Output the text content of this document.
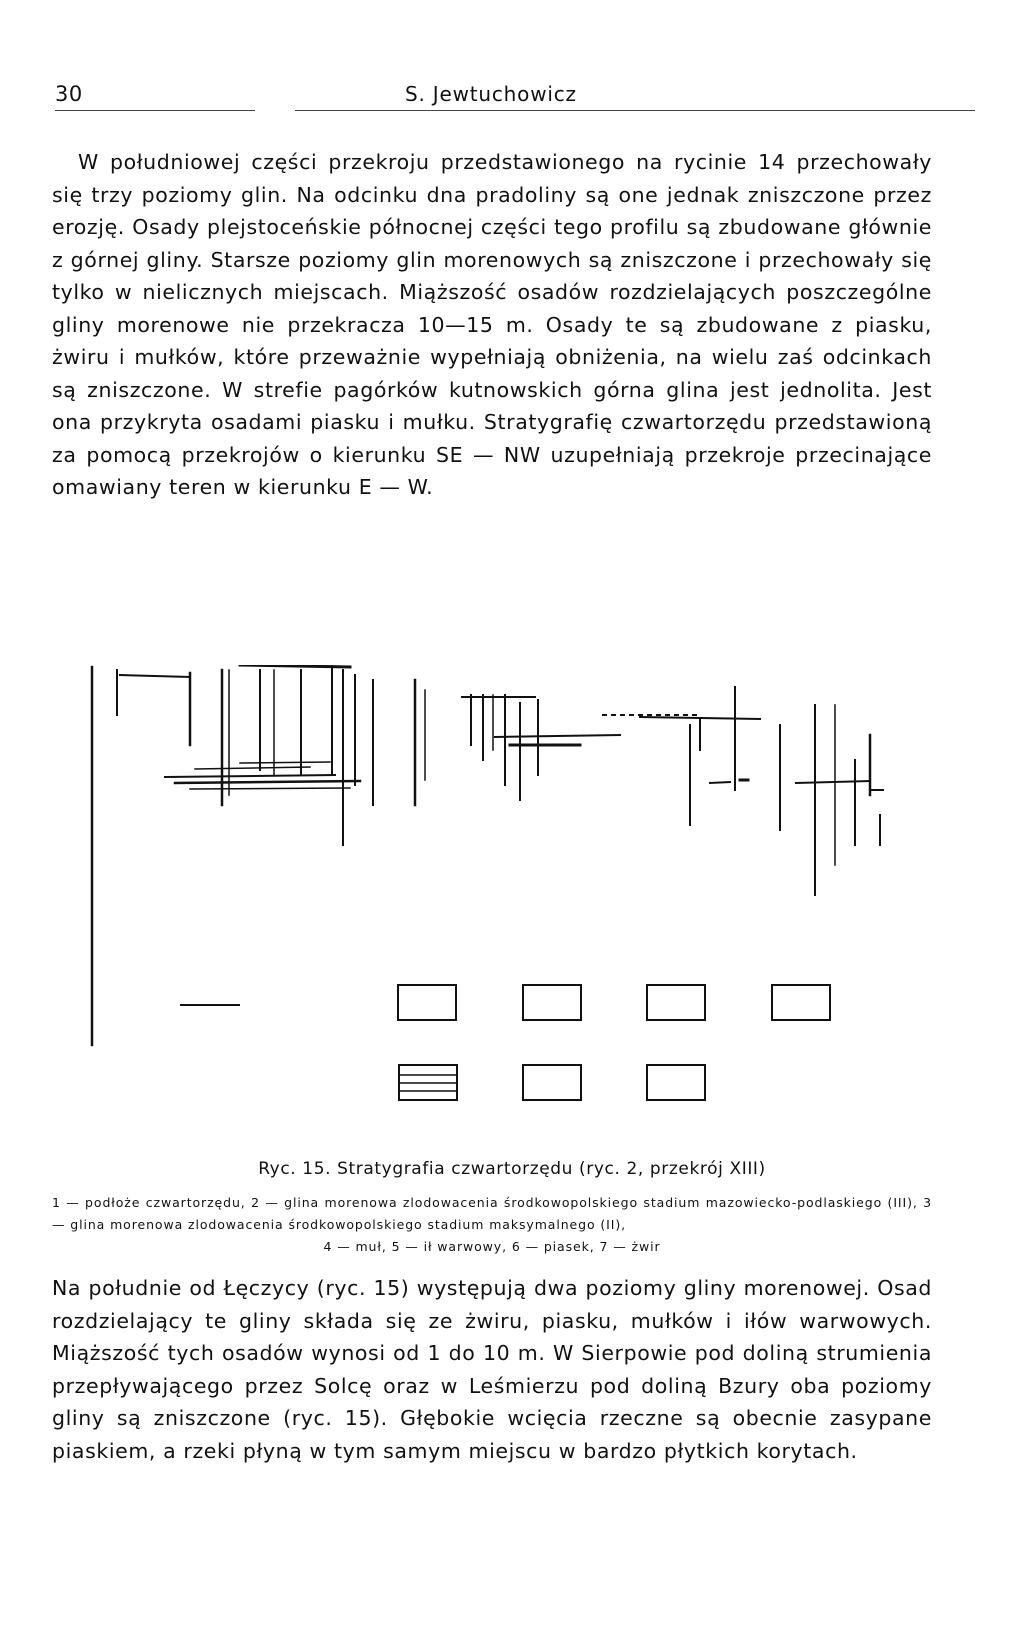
30	S. Jewtuchowicz

W południowej części przekroju przedstawionego na rycinie 14 przechowały się trzy poziomy glin. Na odcinku dna pradoliny są one jednak zniszczone przez erozję. Osady plejstoceńskie północnej części tego profilu są zbudowane głównie z górnej gliny. Starsze poziomy glin morenowych są zniszczone i przechowały się tylko w nielicznych miejscach. Miąższość osadów rozdzielających poszczególne gliny morenowe nie przekracza 10—15 m. Osady te są zbudowane z piasku, żwiru i mułków, które przeważnie wypełniają obniżenia, na wielu zaś odcinkach są zniszczone. W strefie pagórków kutnowskich górna glina jest jednolita. Jest ona przykryta osadami piasku i mułku. Stratygrafię czwartorzędu przedstawioną za pomocą przekrojów o kierunku SE — NW uzupełniają przekroje przecinające omawiany teren w kierunku E — W.

Ryc. 15. Stratygrafia czwartorzędu (ryc. 2, przekrój XIII)

1 — podłoże czwartorzędu, 2 — glina morenowa zlodowacenia środkowopolskiego stadium mazowiecko-podlaskiego (III), 3 — glina morenowa zlodowacenia środkowopolskiego stadium maksymalnego (II),
4 — muł, 5 — ił warwowy, 6 — piasek, 7 — żwir

Na południe od Łęczycy (ryc. 15) występują dwa poziomy gliny morenowej. Osad rozdzielający te gliny składa się ze żwiru, piasku, mułków i iłów warwowych. Miąższość tych osadów wynosi od 1 do 10 m. W Sierpowie pod doliną strumienia przepływającego przez Solcę oraz w Leśmierzu pod doliną Bzury oba poziomy gliny są zniszczone (ryc. 15). Głębokie wcięcia rzeczne są obecnie zasypane piaskiem, a rzeki płyną w tym samym miejscu w bardzo płytkich korytach.
